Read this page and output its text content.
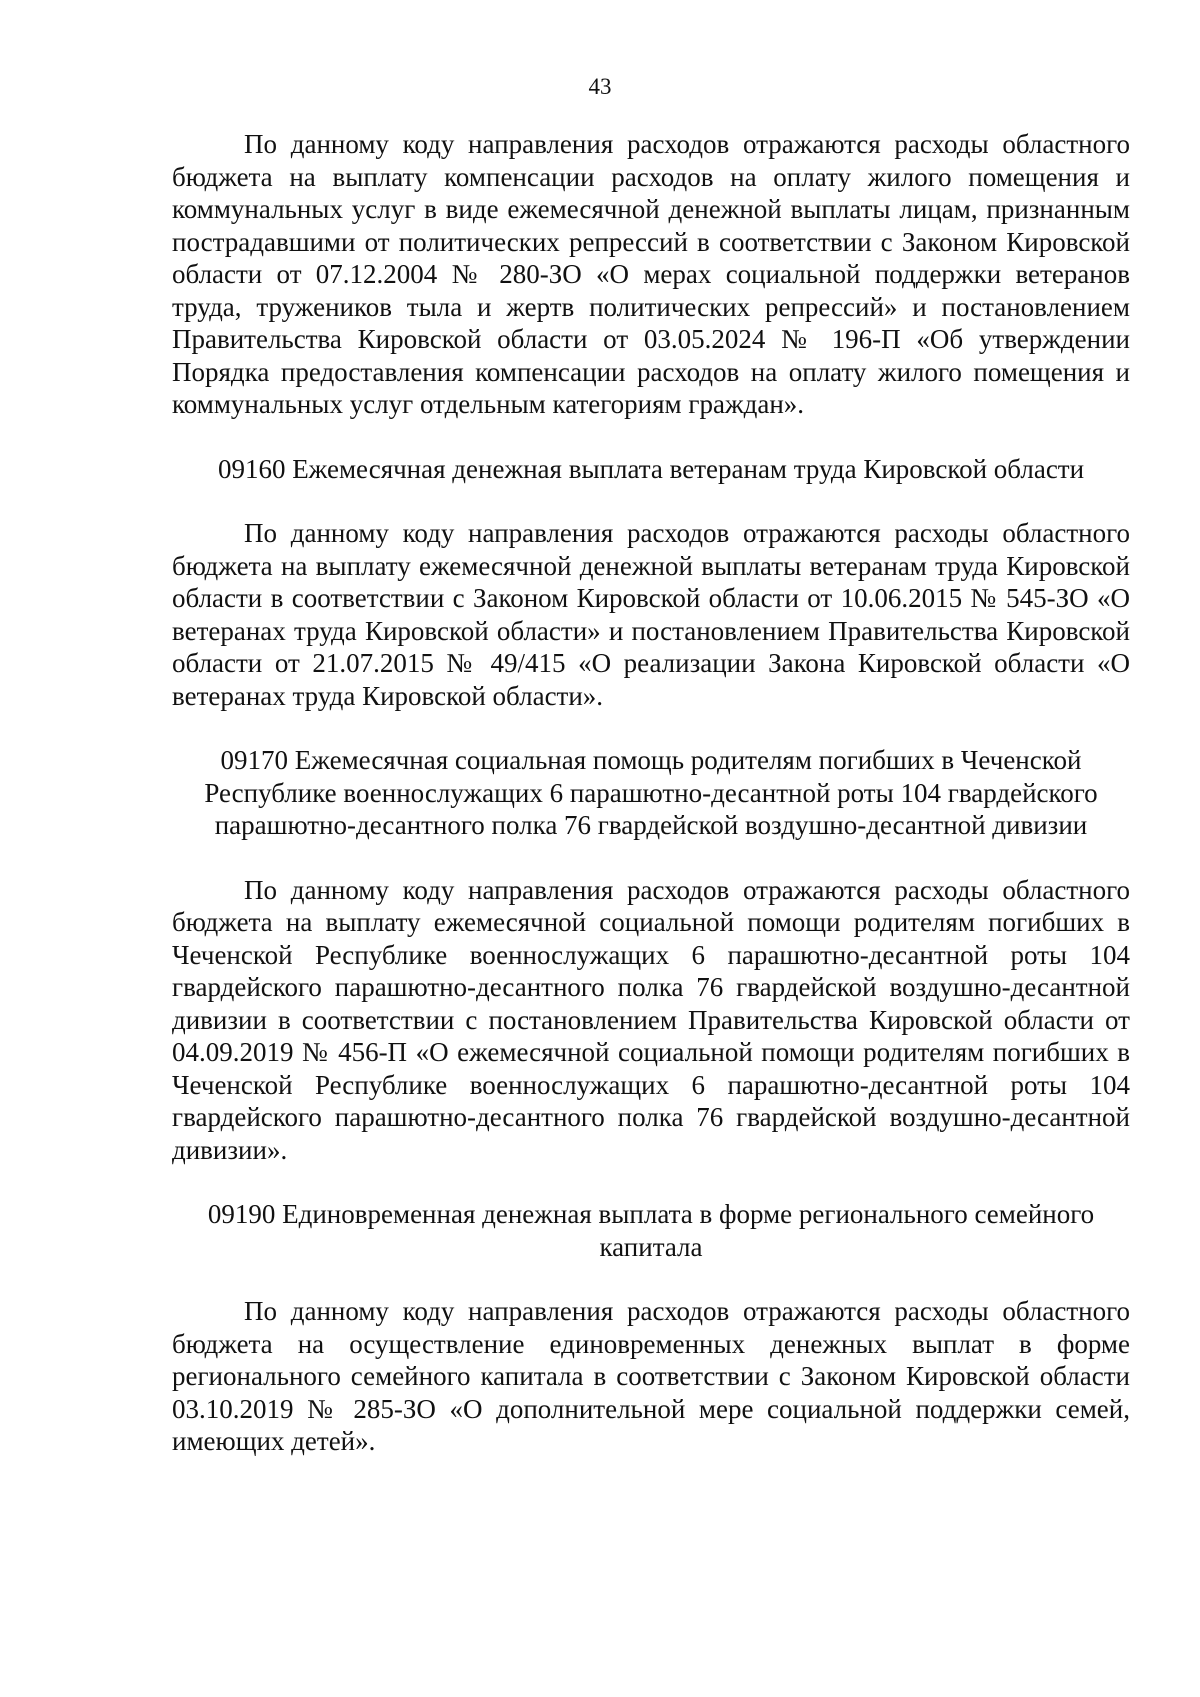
43

По данному коду направления расходов отражаются расходы областного бюджета на выплату компенсации расходов на оплату жилого помещения и коммунальных услуг в виде ежемесячной денежной выплаты лицам, признанным пострадавшими от политических репрессий в соответствии с Законом Кировской области от 07.12.2004 № 280-ЗО «О мерах социальной поддержки ветеранов труда, тружеников тыла и жертв политических репрессий» и постановлением Правительства Кировской области от 03.05.2024 № 196-П «Об утверждении Порядка предоставления компенсации расходов на оплату жилого помещения и коммунальных услуг отдельным категориям граждан».

09160 Ежемесячная денежная выплата ветеранам труда Кировской области

По данному коду направления расходов отражаются расходы областного бюджета на выплату ежемесячной денежной выплаты ветеранам труда Кировской области в соответствии с Законом Кировской области от 10.06.2015 № 545-ЗО «О ветеранах труда Кировской области» и постановлением Правительства Кировской области от 21.07.2015 № 49/415 «О реализации Закона Кировской области «О ветеранах труда Кировской области».

09170 Ежемесячная социальная помощь родителям погибших в Чеченской Республике военнослужащих 6 парашютно-десантной роты 104 гвардейского парашютно-десантного полка 76 гвардейской воздушно-десантной дивизии

По данному коду направления расходов отражаются расходы областного бюджета на выплату ежемесячной социальной помощи родителям погибших в Чеченской Республике военнослужащих 6 парашютно-десантной роты 104 гвардейского парашютно-десантного полка 76 гвардейской воздушно-десантной дивизии в соответствии с постановлением Правительства Кировской области от 04.09.2019 № 456-П «О ежемесячной социальной помощи родителям погибших в Чеченской Республике военнослужащих 6 парашютно-десантной роты 104 гвардейского парашютно-десантного полка 76 гвардейской воздушно-десантной дивизии».

09190 Единовременная денежная выплата в форме регионального семейного капитала

По данному коду направления расходов отражаются расходы областного бюджета на осуществление единовременных денежных выплат в форме регионального семейного капитала в соответствии с Законом Кировской области 03.10.2019 № 285-ЗО «О дополнительной мере социальной поддержки семей, имеющих детей».
